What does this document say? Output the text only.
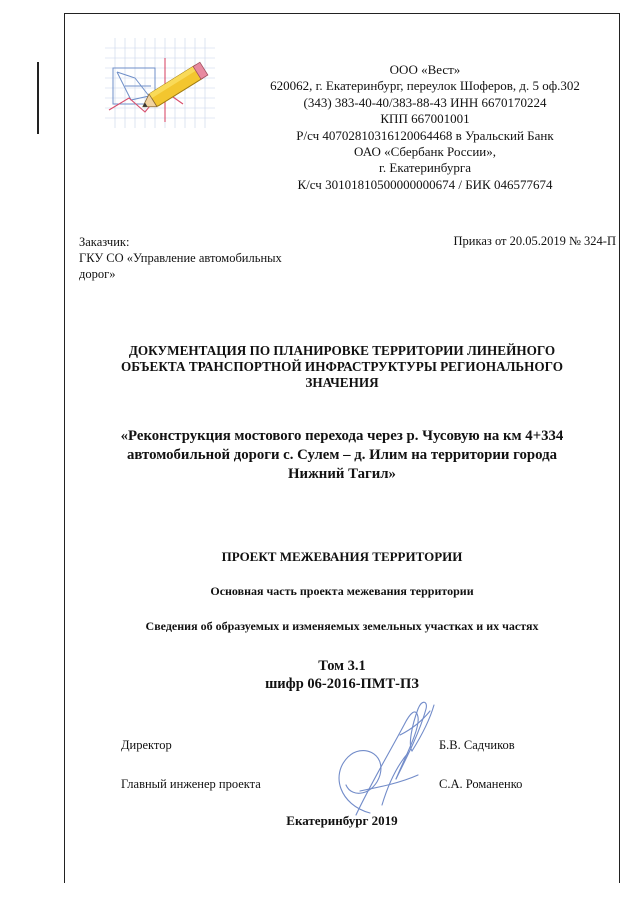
ООО «Вест»
620062, г. Екатеринбург, переулок Шоферов, д. 5 оф.302
(343) 383-40-40/383-88-43 ИНН 6670170224
КПП 667001001
Р/сч 40702810316120064468 в Уральский Банк
ОАО «Сбербанк России»,
г. Екатеринбурга
К/сч 30101810500000000674 / БИК 046577674
Заказчик:
ГКУ СО «Управление автомобильных
дорог»
Приказ от 20.05.2019 № 324-П
ДОКУМЕНТАЦИЯ ПО ПЛАНИРОВКЕ ТЕРРИТОРИИ ЛИНЕЙНОГО
ОБЪЕКТА ТРАНСПОРТНОЙ ИНФРАСТРУКТУРЫ РЕГИОНАЛЬНОГО
ЗНАЧЕНИЯ
«Реконструкция мостового перехода через р. Чусовую на км 4+334
автомобильной дороги с. Сулем – д. Илим на территории города
Нижний Тагил»
ПРОЕКТ МЕЖЕВАНИЯ ТЕРРИТОРИИ
Основная часть проекта межевания территории
Сведения об образуемых и изменяемых земельных участках и их частях
Том 3.1
шифр 06-2016-ПМТ-ПЗ
Директор	Б.В. Садчиков
Главный инженер проекта	С.А. Романенко
Екатеринбург 2019
